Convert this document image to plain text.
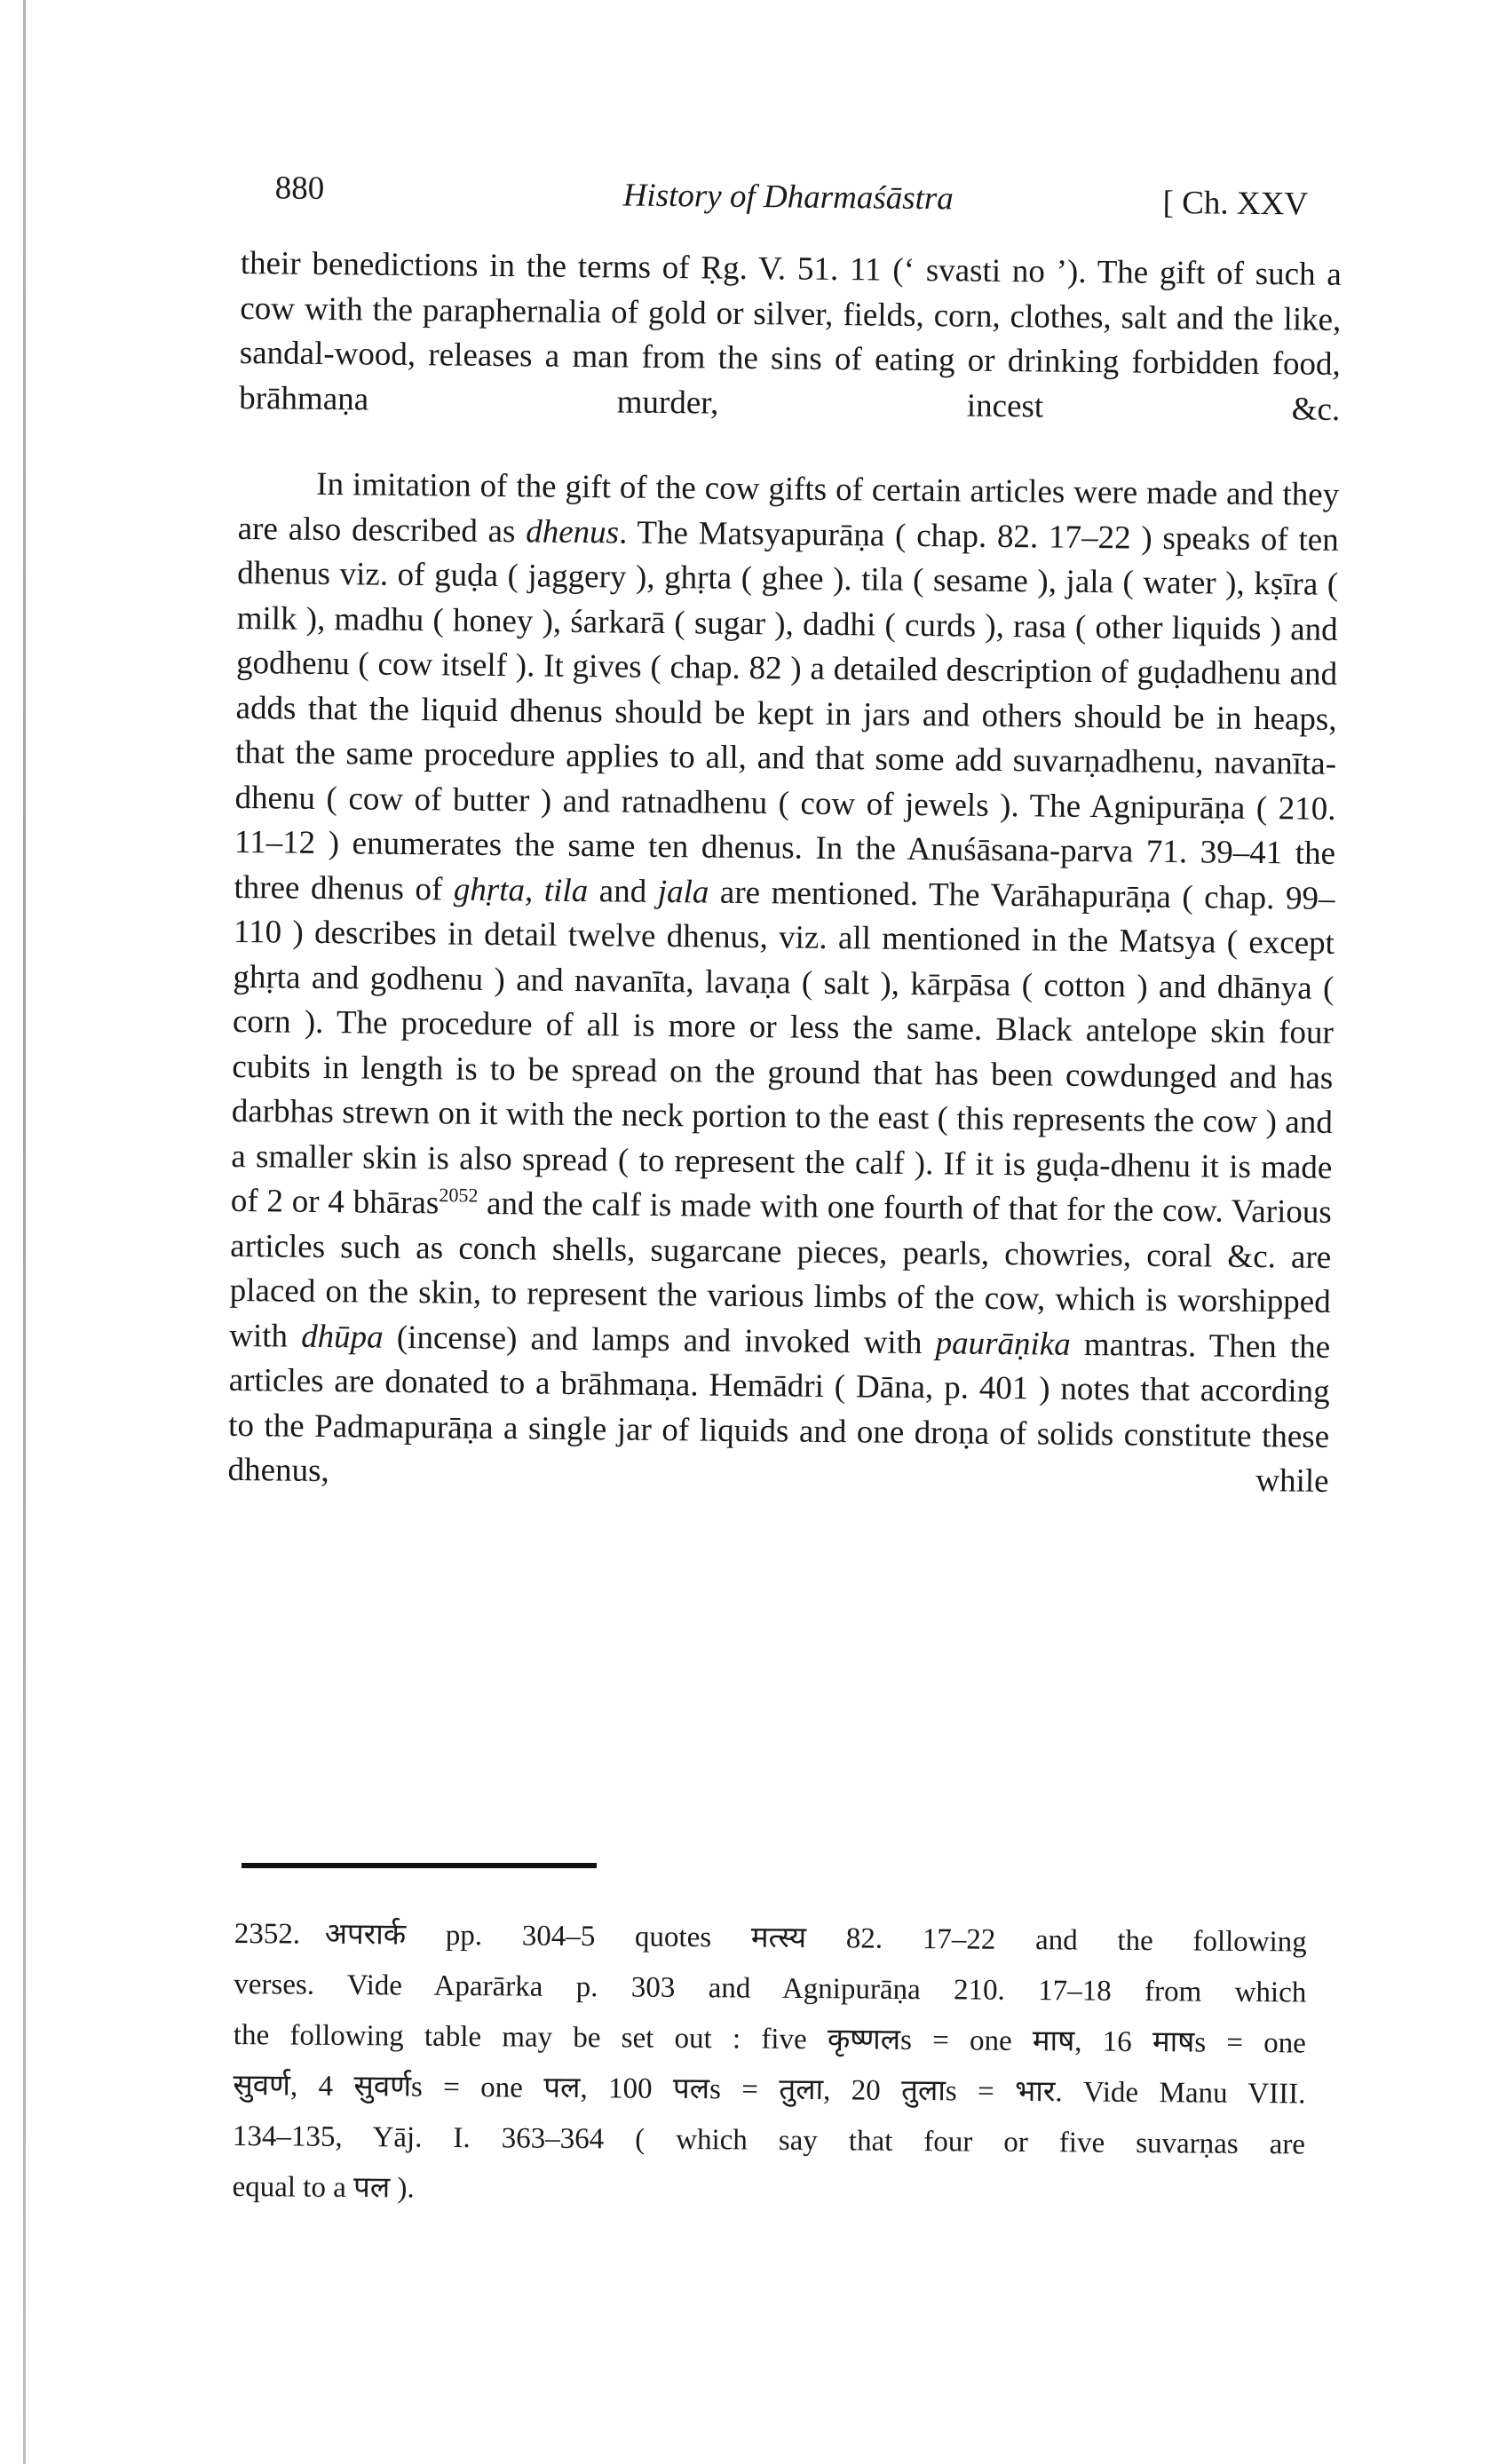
880	History of Dharmaśāstra	[ Ch. XXV

their benedictions in the terms of Ṛg. V. 51. 11 (‘ svasti no ’). The gift of such a cow with the paraphernalia of gold or silver, fields, corn, clothes, salt and the like, sandal-wood, releases a man from the sins of eating or drinking forbidden food, brāhmaṇa murder, incest &c.

In imitation of the gift of the cow gifts of certain articles were made and they are also described as dhenus. The Matsyapurāṇa ( chap. 82. 17–22 ) speaks of ten dhenus viz. of guḍa ( jaggery ), ghṛta ( ghee ). tila ( sesame ), jala ( water ), kṣīra ( milk ), madhu ( honey ), śarkarā ( sugar ), dadhi ( curds ), rasa ( other liquids ) and godhenu ( cow itself ). It gives ( chap. 82 ) a detailed description of guḍadhenu and adds that the liquid dhenus should be kept in jars and others should be in heaps, that the same procedure applies to all, and that some add suvarṇadhenu, navanīta-dhenu ( cow of butter ) and ratnadhenu ( cow of jewels ). The Agnipurāṇa ( 210. 11–12 ) enumerates the same ten dhenus. In the Anuśāsana-parva 71. 39–41 the three dhenus of ghṛta, tila and jala are mentioned. The Varāhapurāṇa ( chap. 99–110 ) describes in detail twelve dhenus, viz. all mentioned in the Matsya ( except ghṛta and godhenu ) and navanīta, lavaṇa ( salt ), kārpāsa ( cotton ) and dhānya ( corn ). The procedure of all is more or less the same. Black antelope skin four cubits in length is to be spread on the ground that has been cowdunged and has darbhas strewn on it with the neck portion to the east ( this represents the cow ) and a smaller skin is also spread ( to represent the calf ). If it is guḍa-dhenu it is made of 2 or 4 bhāras$^{2052}$ and the calf is made with one fourth of that for the cow. Various articles such as conch shells, sugarcane pieces, pearls, chowries, coral &c. are placed on the skin, to represent the various limbs of the cow, which is worshipped with dhūpa (incense) and lamps and invoked with paurāṇika mantras. Then the articles are donated to a brāhmaṇa. Hemādri ( Dāna, p. 401 ) notes that according to the Padmapurāṇa a single jar of liquids and one droṇa of solids constitute these dhenus, while

2352. अपरार्क pp. 304–5 quotes मत्स्य 82. 17–22 and the following
verses. Vide Aparārka p. 303 and Agnipurāṇa 210. 17–18 from which
the following table may be set out : five कृष्णलs = one माष, 16 माषs = one
सुवर्ण, 4 सुवर्णs = one पल, 100 पलs = तुला, 20 तुलाs = भार. Vide Manu VIII.
134–135, Yāj. I. 363–364 ( which say that four or five suvarṇas are
equal to a पल ).
